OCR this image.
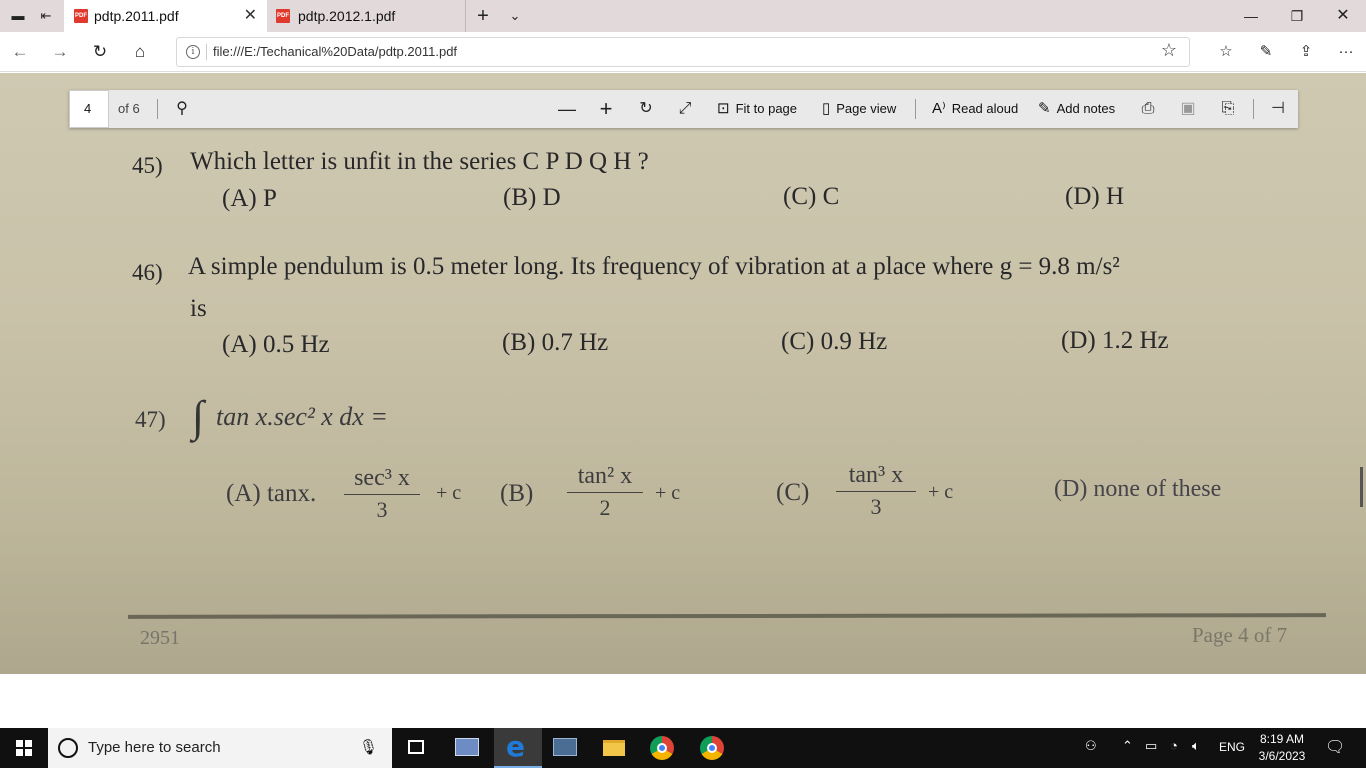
▬	⇤	PDF pdtp.2011.pdf	✕	PDF pdtp.2012.1.pdf	+	⌄	—	❐	✕
← → ↻	⌂	i	file:///E:/Techanical%20Data/pdtp.2011.pdf	☆	☆	✎	⇪	···
45) Which letter is unfit in the series C P D Q H ?
(A) P	(B) D	(C) C	(D) H
46) A simple pendulum is 0.5 meter long. Its frequency of vibration at a place where g = 9.8 m/s²
is
(A) 0.5 Hz	(B) 0.7 Hz	(C) 0.9 Hz	(D) 1.2 Hz
47) ∫ tan x.sec² x dx =
(A) tanx.
sec³ x
3
+ c (B)
tan² x
2
+ c	(C)
tan³ x
3
+ c	(D) none of these
2951	Page 4 of 7
4	of 6	⚲	— + ↻ ⤢	⊡ Fit to page ▯ Page view A⁾ Read aloud ✎ Add notes ⎙ ▣ ⎘ ⊣
Type here to search	🎙︎	e	⚇ ⌃ ▭ ◔ 🔈︎ ENG
8:19 AM
3/6/2023	🗨︎
